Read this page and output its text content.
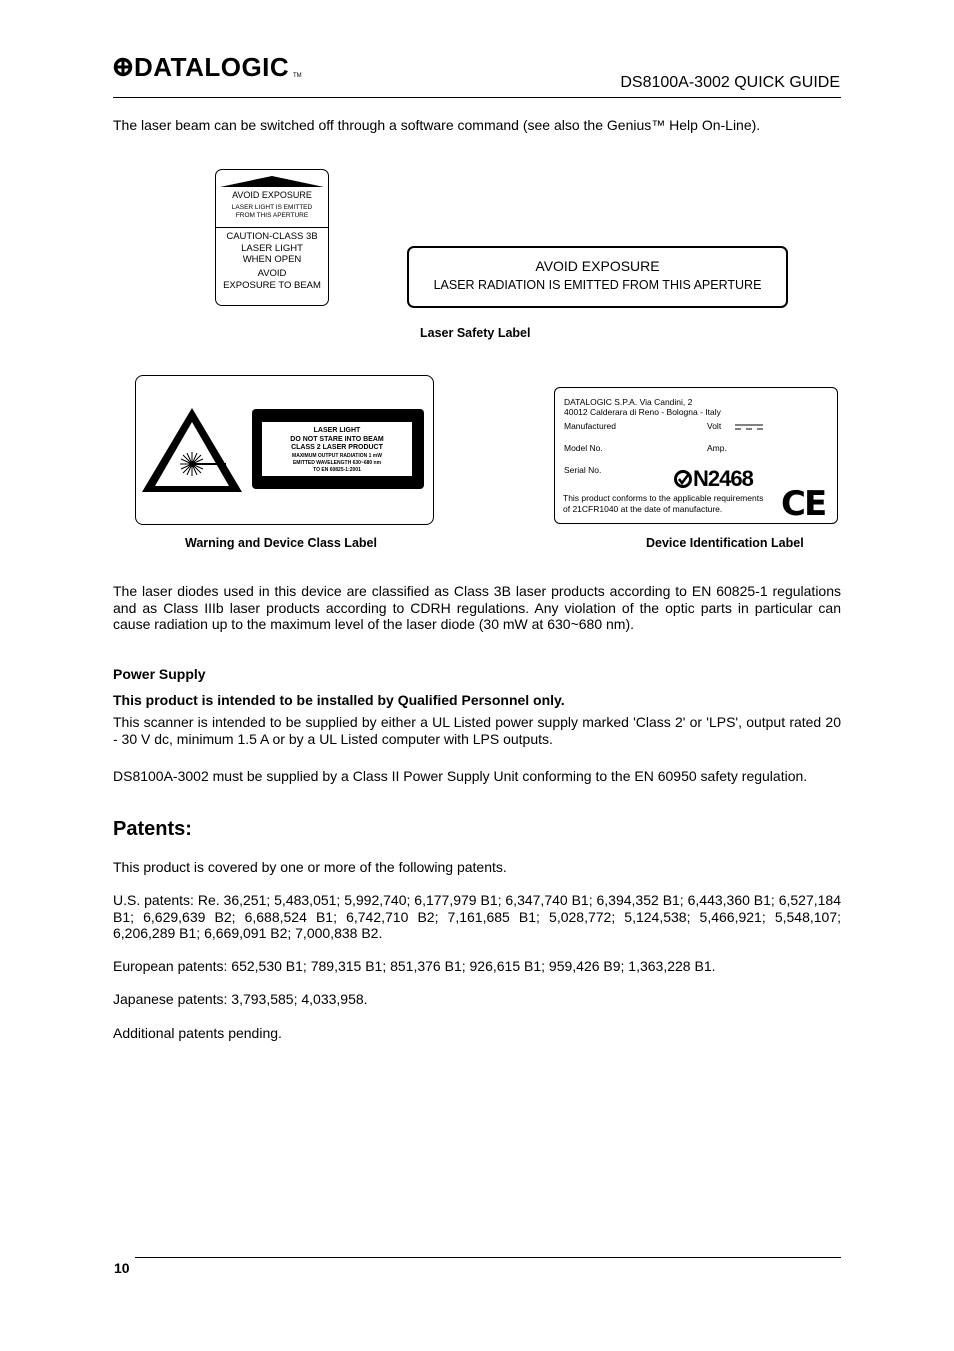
DATALOGIC TM	DS8100A-3002 QUICK GUIDE
The laser beam can be switched off through a software command (see also the Genius™ Help On-Line).
AVOID EXPOSURE
LASER LIGHT IS EMITTED
FROM THIS APERTURE
CAUTION-CLASS 3B
LASER LIGHT
WHEN OPEN
AVOID
EXPOSURE TO BEAM
AVOID EXPOSURE
LASER RADIATION IS EMITTED FROM THIS APERTURE
Laser Safety Label
LASER LIGHT
DO NOT STARE INTO BEAM
CLASS 2 LASER PRODUCT
MAXIMUM OUTPUT RADIATION 1 mW
EMITTED WAVELENGTH 630~680 nm
TO EN 60825-1:2001
DATALOGIC S.P.A. Via Candini, 2
40012 Calderara di Reno - Bologna - Italy
Manufactured	Volt
Model No.	Amp.
Serial No.	N2468
This product conforms to the applicable requirements
of 21CFR1040 at the date of manufacture. CE
Warning and Device Class Label	Device Identification Label
The laser diodes used in this device are classified as Class 3B laser products according to EN 60825-1 regulations and as Class IIIb laser products according to CDRH regulations. Any violation of the optic parts in particular can cause radiation up to the maximum level of the laser diode (30 mW at 630~680 nm).
Power Supply
This product is intended to be installed by Qualified Personnel only.
This scanner is intended to be supplied by either a UL Listed power supply marked 'Class 2' or 'LPS', output rated 20 - 30 V dc, minimum 1.5 A or by a UL Listed computer with LPS outputs.
DS8100A-3002 must be supplied by a Class II Power Supply Unit conforming to the EN 60950 safety regulation.
Patents:
This product is covered by one or more of the following patents.
U.S. patents: Re. 36,251; 5,483,051; 5,992,740; 6,177,979 B1; 6,347,740 B1; 6,394,352 B1; 6,443,360 B1; 6,527,184 B1; 6,629,639 B2; 6,688,524 B1; 6,742,710 B2; 7,161,685 B1; 5,028,772; 5,124,538; 5,466,921; 5,548,107; 6,206,289 B1; 6,669,091 B2; 7,000,838 B2.
European patents: 652,530 B1; 789,315 B1; 851,376 B1; 926,615 B1; 959,426 B9; 1,363,228 B1.
Japanese patents: 3,793,585; 4,033,958.
Additional patents pending.
10
